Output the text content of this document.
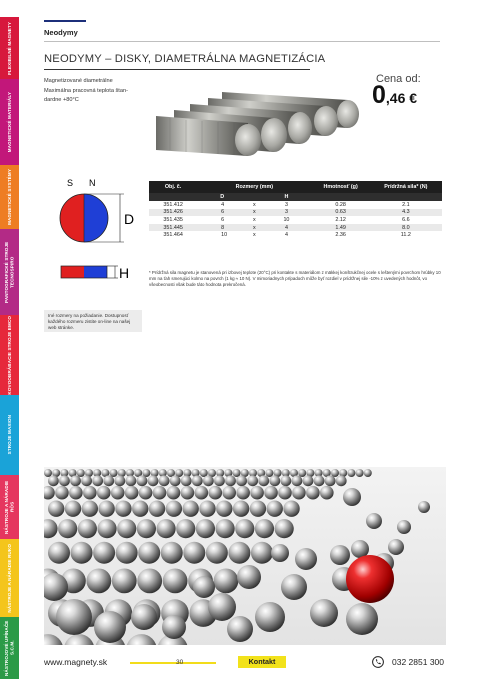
FLEXIBILNÉ MAGNETY
MAGNETICKÉ MATERIÁLY
MAGNETICKÉ SYSTÉMY
PANTOGRAFICKÉ STROJE TECNOSPIRO
KOVOOBRÁBACIE STROJE EMCO
STROJE MAXION
NÁSTROJE A NÁRADIE RÖS
NÁSTROJE A NÁRADIE RUKO
NÁSTROJOVÉ UPÍNAČE S.C.M.
Neodymy
NEODYMY – DISKY, DIAMETRÁLNA MAGNETIZÁCIA
Magnetizované diametrálne
Maximálna pracovná teplota štan-
dardne +80°C
Cena od:
0,46 €
S N
D
H
Iné rozmery na požiadanie. Dostupnosť každého rozmeru zistite on-line na našej web stránke.
Obj. č.	Rozmery (mm)			Hmotnosť (g)	Prídržná sila* (N)
	D		H		
351.412	4	x	3	0.28	2.1
351.426	6	x	3	0.63	4.3
351.435	6	x	10	2.12	6.6
351.445	8	x	4	1.49	8.0
351.464	10	x	4	2.36	11.2
* Prídržná sila magnetu je stanovená pri izbovej teplote (20°C) pri kontakte s materiálom z mäkkej konštrukčnej ocele s leštenými povrchom hrúbky 10 mm na ťah smerujúci kolmo na povrch (1 kg ≈ 10 N). V mimoriadnych prípadoch môže byť rozdiel v prídržnej sile -10% z uvedených hodnôt, vo všeobecnosti však bude táto hodnota prekročená.
www.magnety.sk	30	Kontakt	032 2851 300
